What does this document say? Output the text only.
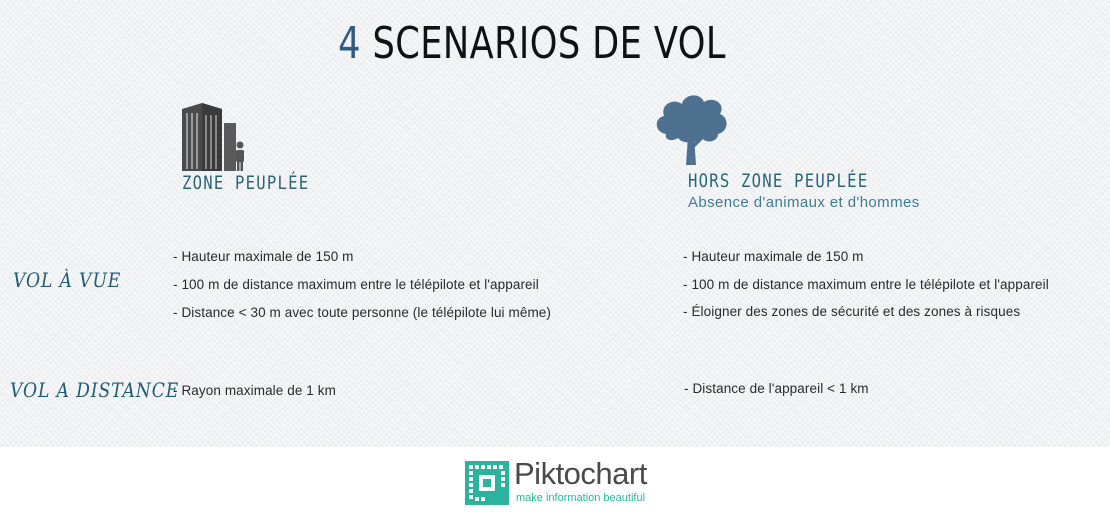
4 SCENARIOS DE VOL
ZONE PEUPLÉE	HORS ZONE PEUPLÉE
Absence d'animaux et d'hommes
VOL À VUE
VOL A DISTANCE
- Hauteur maximale de 150 m
- 100 m de distance maximum entre le télépilote et l'appareil
- Distance < 30 m avec toute personne (le télépilote lui même)
- Hauteur maximale de 150 m
- 100 m de distance maximum entre le télépilote et l'appareil
- Éloigner des zones de sécurité et des zones à risques
- Rayon maximale de 1 km	- Distance de l'appareil < 1 km
Piktochart
make information beautiful
